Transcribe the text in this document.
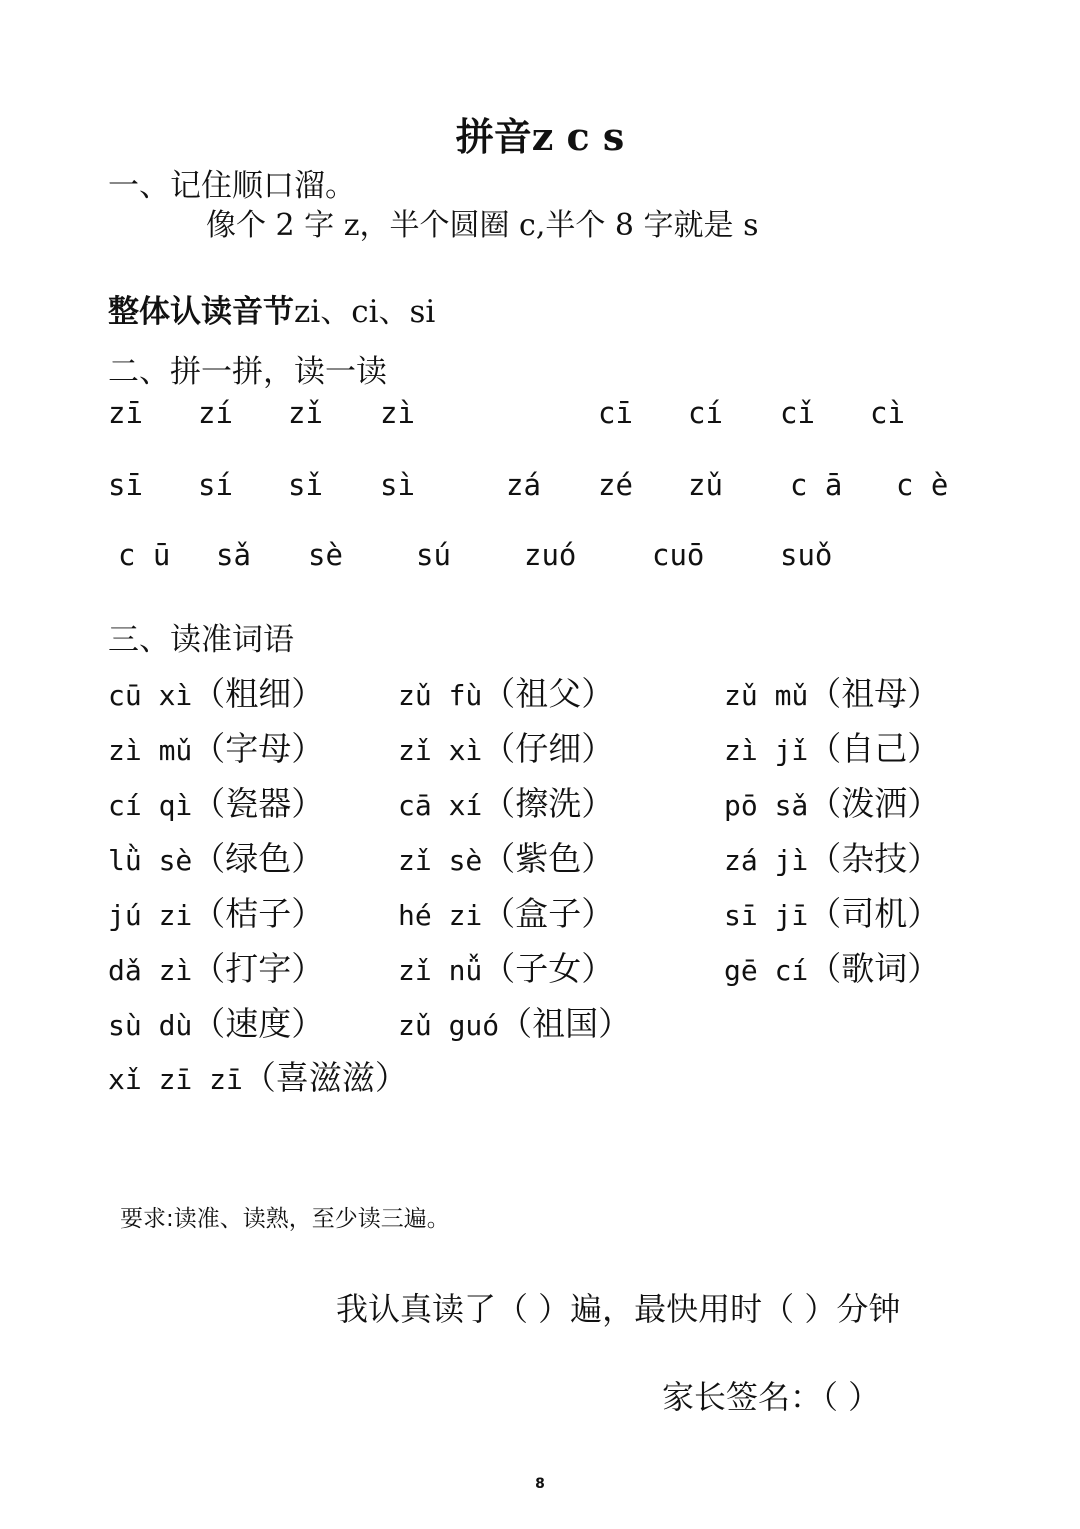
拼音z c s
一、记住顺口溜。
像个 2 字 z，半个圆圈 c,半个 8 字就是 s
整体认读音节zi、ci、si
二、拼一拼，读一读
zī zí zǐ zì	cī cí cǐ cì
sī sí sǐ sì	zá zé zǔ c ā c è
c ū sǎ sè	sú	zuó	cuō	suǒ
三、读准词语
cū xì（粗细）	zǔ fù（祖父）	zǔ mǔ（祖母）
zì mǔ（字母）	zǐ xì（仔细）	zì jǐ（自己）
cí qì（瓷器）	cā xí（擦洗）	pō sǎ（泼洒）
lǜ sè（绿色）	zǐ sè（紫色）	zá jì（杂技）
jú zi（桔子）	hé zi（盒子）	sī jī（司机）
dǎ zì（打字）	zǐ nǚ（子女）	gē cí（歌词）
sù dù（速度）	zǔ guó（祖国）
xǐ zī zī（喜滋滋）
要求:读准、读熟，至少读三遍。
我认真读了（ ）遍，最快用时（ ）分钟
家长签名：（ ）
8
